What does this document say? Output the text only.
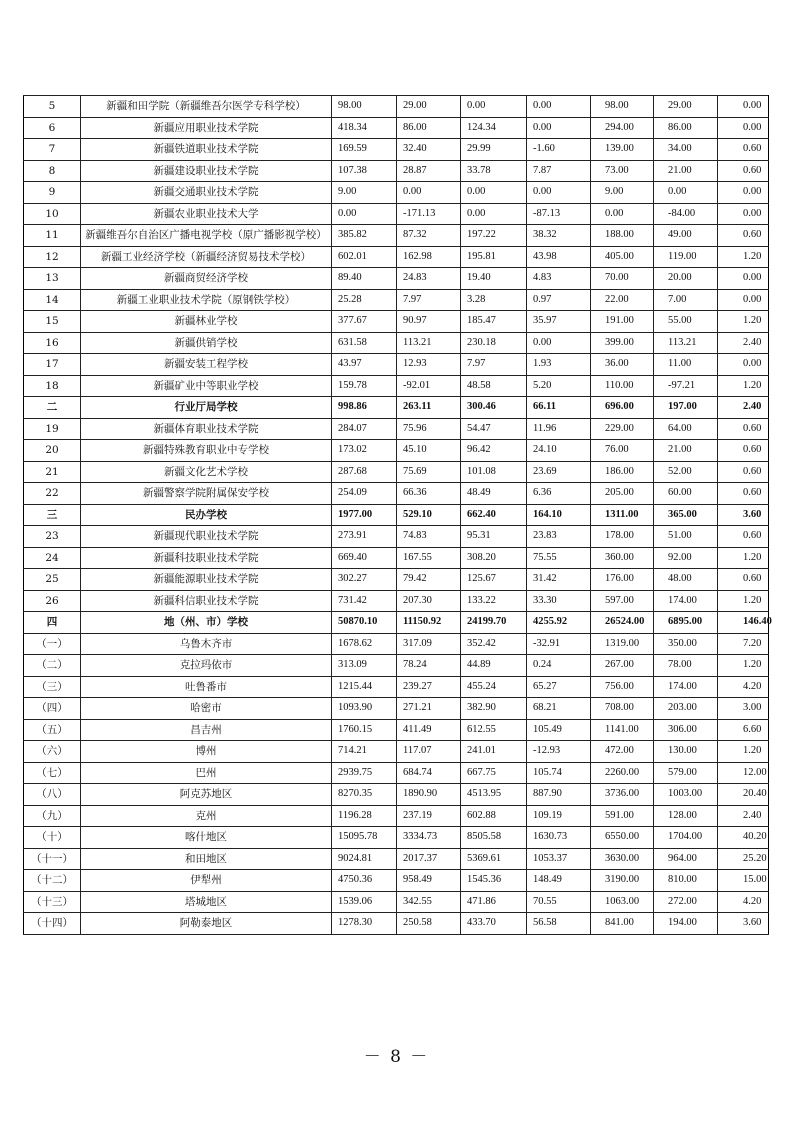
5	新疆和田学院（新疆维吾尔医学专科学校）	98.00	29.00	0.00	0.00	98.00	29.00	0.00
6	新疆应用职业技术学院	418.34	86.00	124.34	0.00	294.00	86.00	0.00
7	新疆铁道职业技术学院	169.59	32.40	29.99	-1.60	139.00	34.00	0.60
8	新疆建设职业技术学院	107.38	28.87	33.78	7.87	73.00	21.00	0.60
9	新疆交通职业技术学院	9.00	0.00	0.00	0.00	9.00	0.00	0.00
10	新疆农业职业技术大学	0.00	-171.13	0.00	-87.13	0.00	-84.00	0.00
11	新疆维吾尔自治区广播电视学校（原广播影视学校）	385.82	87.32	197.22	38.32	188.00	49.00	0.60
12	新疆工业经济学校（新疆经济贸易技术学校）	602.01	162.98	195.81	43.98	405.00	119.00	1.20
13	新疆商贸经济学校	89.40	24.83	19.40	4.83	70.00	20.00	0.00
14	新疆工业职业技术学院（原钢铁学校）	25.28	7.97	3.28	0.97	22.00	7.00	0.00
15	新疆林业学校	377.67	90.97	185.47	35.97	191.00	55.00	1.20
16	新疆供销学校	631.58	113.21	230.18	0.00	399.00	113.21	2.40
17	新疆安装工程学校	43.97	12.93	7.97	1.93	36.00	11.00	0.00
18	新疆矿业中等职业学校	159.78	-92.01	48.58	5.20	110.00	-97.21	1.20
二	行业厅局学校	998.86	263.11	300.46	66.11	696.00	197.00	2.40
19	新疆体育职业技术学院	284.07	75.96	54.47	11.96	229.00	64.00	0.60
20	新疆特殊教育职业中专学校	173.02	45.10	96.42	24.10	76.00	21.00	0.60
21	新疆文化艺术学校	287.68	75.69	101.08	23.69	186.00	52.00	0.60
22	新疆警察学院附属保安学校	254.09	66.36	48.49	6.36	205.00	60.00	0.60
三	民办学校	1977.00	529.10	662.40	164.10	1311.00	365.00	3.60
23	新疆现代职业技术学院	273.91	74.83	95.31	23.83	178.00	51.00	0.60
24	新疆科技职业技术学院	669.40	167.55	308.20	75.55	360.00	92.00	1.20
25	新疆能源职业技术学院	302.27	79.42	125.67	31.42	176.00	48.00	0.60
26	新疆科信职业技术学院	731.42	207.30	133.22	33.30	597.00	174.00	1.20
四	地（州、市）学校	50870.10	11150.92	24199.70	4255.92	26524.00	6895.00	146.40
（一）	乌鲁木齐市	1678.62	317.09	352.42	-32.91	1319.00	350.00	7.20
（二）	克拉玛依市	313.09	78.24	44.89	0.24	267.00	78.00	1.20
（三）	吐鲁番市	1215.44	239.27	455.24	65.27	756.00	174.00	4.20
（四）	哈密市	1093.90	271.21	382.90	68.21	708.00	203.00	3.00
（五）	昌吉州	1760.15	411.49	612.55	105.49	1141.00	306.00	6.60
（六）	博州	714.21	117.07	241.01	-12.93	472.00	130.00	1.20
（七）	巴州	2939.75	684.74	667.75	105.74	2260.00	579.00	12.00
（八）	阿克苏地区	8270.35	1890.90	4513.95	887.90	3736.00	1003.00	20.40
（九）	克州	1196.28	237.19	602.88	109.19	591.00	128.00	2.40
（十）	喀什地区	15095.78	3334.73	8505.58	1630.73	6550.00	1704.00	40.20
（十一）	和田地区	9024.81	2017.37	5369.61	1053.37	3630.00	964.00	25.20
（十二）	伊犁州	4750.36	958.49	1545.36	148.49	3190.00	810.00	15.00
（十三）	塔城地区	1539.06	342.55	471.86	70.55	1063.00	272.00	4.20
（十四）	阿勒泰地区	1278.30	250.58	433.70	56.58	841.00	194.00	3.60
－ 8 －
